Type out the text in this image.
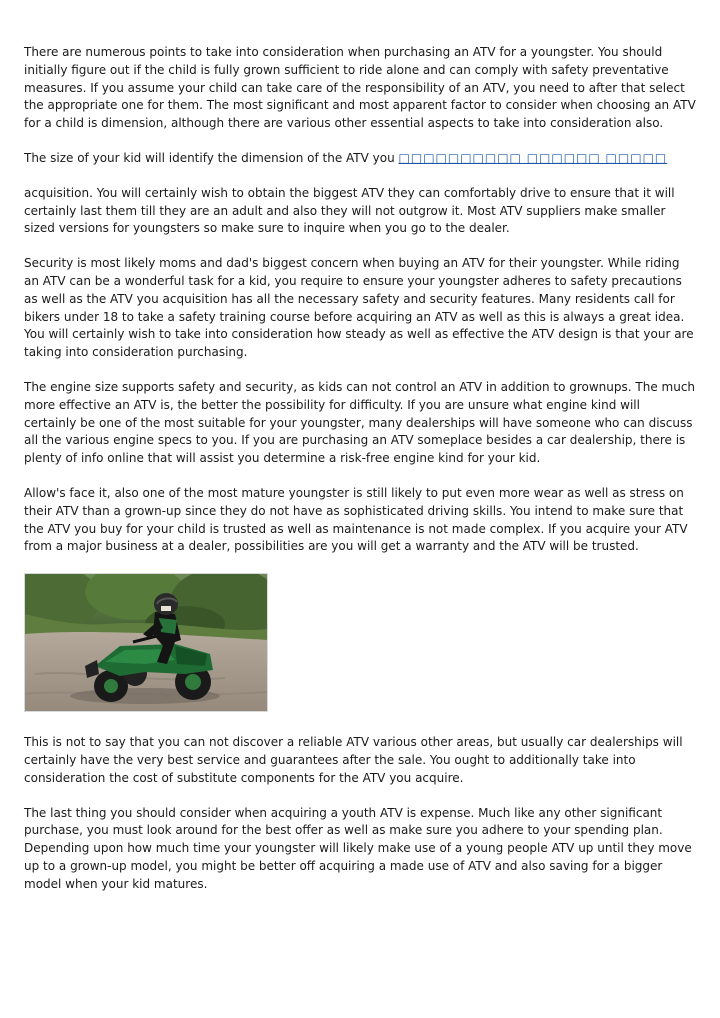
There are numerous points to take into consideration when purchasing an ATV for a youngster. You should initially figure out if the child is fully grown sufficient to ride alone and can comply with safety preventative measures. If you assume your child can take care of the responsibility of an ATV, you need to after that select the appropriate one for them. The most significant and most apparent factor to consider when choosing an ATV for a child is dimension, although there are various other essential aspects to take into consideration also.

The size of your kid will identify the dimension of the ATV you □□□□□□□□□□ □□□□□□ □□□□□

acquisition. You will certainly wish to obtain the biggest ATV they can comfortably drive to ensure that it will certainly last them till they are an adult and also they will not outgrow it. Most ATV suppliers make smaller sized versions for youngsters so make sure to inquire when you go to the dealer.

Security is most likely moms and dad's biggest concern when buying an ATV for their youngster. While riding an ATV can be a wonderful task for a kid, you require to ensure your youngster adheres to safety precautions as well as the ATV you acquisition has all the necessary safety and security features. Many residents call for bikers under 18 to take a safety training course before acquiring an ATV as well as this is always a great idea. You will certainly wish to take into consideration how steady as well as effective the ATV design is that your are taking into consideration purchasing.

The engine size supports safety and security, as kids can not control an ATV in addition to grownups. The much more effective an ATV is, the better the possibility for difficulty. If you are unsure what engine kind will certainly be one of the most suitable for your youngster, many dealerships will have someone who can discuss all the various engine specs to you. If you are purchasing an ATV someplace besides a car dealership, there is plenty of info online that will assist you determine a risk-free engine kind for your kid.

Allow's face it, also one of the most mature youngster is still likely to put even more wear as well as stress on their ATV than a grown-up since they do not have as sophisticated driving skills. You intend to make sure that the ATV you buy for your child is trusted as well as maintenance is not made complex. If you acquire your ATV from a major business at a dealer, possibilities are you will get a warranty and the ATV will be trusted.

This is not to say that you can not discover a reliable ATV various other areas, but usually car dealerships will certainly have the very best service and guarantees after the sale. You ought to additionally take into consideration the cost of substitute components for the ATV you acquire.

The last thing you should consider when acquiring a youth ATV is expense. Much like any other significant purchase, you must look around for the best offer as well as make sure you adhere to your spending plan. Depending upon how much time your youngster will likely make use of a young people ATV up until they move up to a grown-up model, you might be better off acquiring a made use of ATV and also saving for a bigger model when your kid matures.
